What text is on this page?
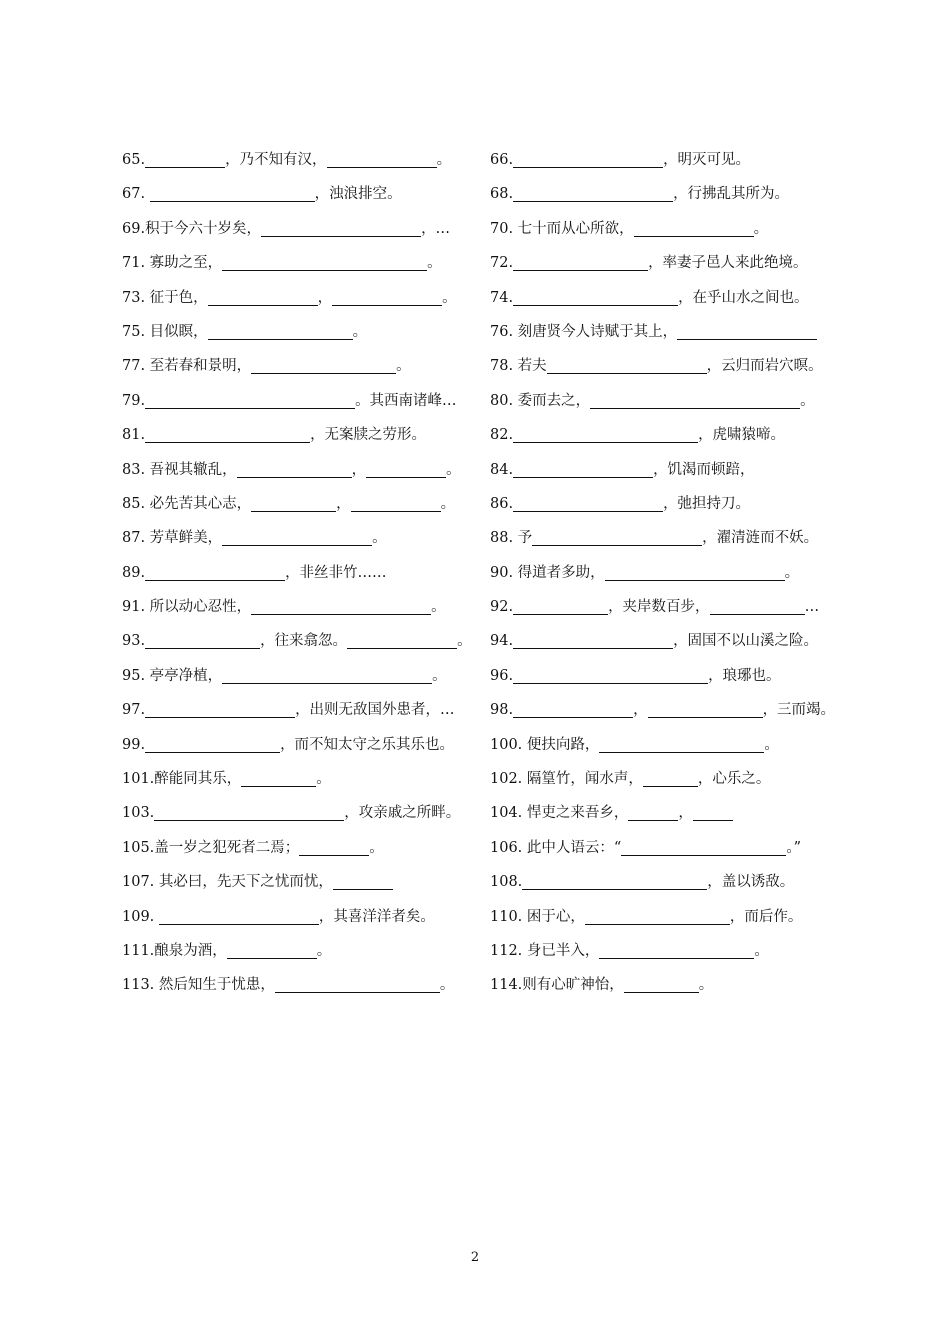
65.	，乃不知有汉，	。	66.	，明灭可见。
67.	，浊浪排空。	68.	，行拂乱其所为。
69.积于今六十岁矣，	，…	70. 七十而从心所欲，	。
71. 寡助之至，	。	72.	，率妻子邑人来此绝境。
73. 征于色，	，	。	74.	，在乎山水之间也。
75. 目似瞑，	。	76. 刻唐贤今人诗赋于其上，
77. 至若春和景明，	。	78. 若夫	，云归而岩穴暝。
79.	。其西南诸峰…	80. 委而去之，	。
81.	，无案牍之劳形。	82.	，虎啸猿啼。
83. 吾视其辙乱，	，	。	84.	，饥渴而顿踣，
85. 必先苦其心志，	，	。	86.	，弛担持刀。
87. 芳草鲜美，	。	88. 予	，濯清涟而不妖。
89.	，非丝非竹……	90. 得道者多助，	。
91. 所以动心忍性，	。	92.	，夹岸数百步，	…
93.	，往来翕忽。	。	94.	，固国不以山溪之险。
95. 亭亭净植，	。	96.	，琅琊也。
97.	，出则无敌国外患者，…	98.	，	，三而竭。
99.	，而不知太守之乐其乐也。	100. 便扶向路，	。
101.醉能同其乐，	。	102. 隔篁竹，闻水声，	，心乐之。
103.	，攻亲戚之所畔。	104. 悍吏之来吾乡，	，
105.盖一岁之犯死者二焉；	。	106. 此中人语云：“	。”
107. 其必曰，先天下之忧而忧，	108.	，盖以诱敌。
109.	，其喜洋洋者矣。	110. 困于心，	，而后作。
111.酿泉为酒，	。	112. 身已半入，	。
113. 然后知生于忧患，	。	114.则有心旷神怡，	。
2
